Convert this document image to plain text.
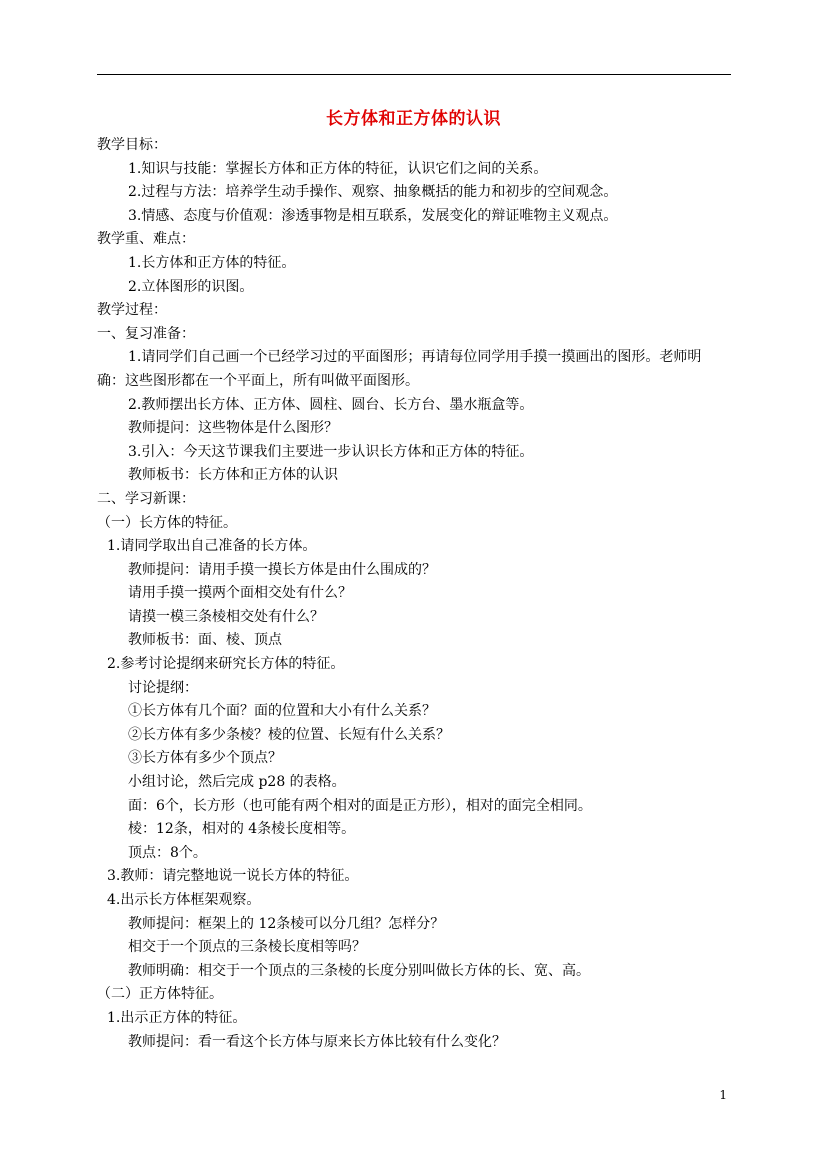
长方体和正方体的认识
教学目标：
1.知识与技能：掌握长方体和正方体的特征，认识它们之间的关系。
2.过程与方法：培养学生动手操作、观察、抽象概括的能力和初步的空间观念。
3.情感、态度与价值观：渗透事物是相互联系，发展变化的辩证唯物主义观点。
教学重、难点：
1.长方体和正方体的特征。
2.立体图形的识图。
教学过程：
一、复习准备：
1.请同学们自己画一个已经学习过的平面图形；再请每位同学用手摸一摸画出的图形。老师明
确：这些图形都在一个平面上，所有叫做平面图形。
2.教师摆出长方体、正方体、圆柱、圆台、长方台、墨水瓶盒等。
教师提问：这些物体是什么图形？
3.引入：今天这节课我们主要进一步认识长方体和正方体的特征。
教师板书：长方体和正方体的认识
二、学习新课：
（一）长方体的特征。
1.请同学取出自己准备的长方体。
教师提问：请用手摸一摸长方体是由什么围成的？
请用手摸一摸两个面相交处有什么？
请摸一模三条棱相交处有什么？
教师板书：面、棱、顶点
2.参考讨论提纲来研究长方体的特征。
讨论提纲：
①长方体有几个面？面的位置和大小有什么关系？
②长方体有多少条棱？棱的位置、长短有什么关系？
③长方体有多少个顶点？
小组讨论，然后完成 p28 的表格。
面：6个，长方形（也可能有两个相对的面是正方形），相对的面完全相同。
棱：12条，相对的 4条棱长度相等。
顶点：8个。
3.教师：请完整地说一说长方体的特征。
4.出示长方体框架观察。
教师提问：框架上的 12条棱可以分几组？怎样分？
相交于一个顶点的三条棱长度相等吗？
教师明确：相交于一个顶点的三条棱的长度分别叫做长方体的长、宽、高。
（二）正方体特征。
1.出示正方体的特征。
教师提问：看一看这个长方体与原来长方体比较有什么变化？
1
